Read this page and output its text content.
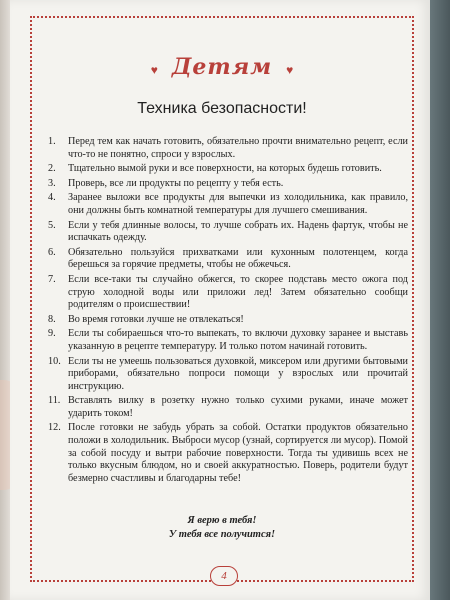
♥ Детям ♥
Техника безопасности!
1.	Перед тем как начать готовить, обязательно прочти внимательно рецепт, если что-то не понятно, спроси у взрослых.
2.	Тщательно вымой руки и все поверхности, на которых будешь готовить.
3.	Проверь, все ли продукты по рецепту у тебя есть.
4.	Заранее выложи все продукты для выпечки из холодильника, как правило, они должны быть комнатной температуры для лучшего смешивания.
5.	Если у тебя длинные волосы, то лучше собрать их. Надень фартук, чтобы не испачкать одежду.
6.	Обязательно пользуйся прихватками или кухонным полотенцем, когда берешься за горячие предметы, чтобы не обжечься.
7.	Если все-таки ты случайно обжегся, то скорее подставь место ожога под струю холодной воды или приложи лед! Затем обязательно сообщи родителям о происшествии!
8.	Во время готовки лучше не отвлекаться!
9.	Если ты собираешься что-то выпекать, то включи духовку заранее и выставь указанную в рецепте температуру. И только потом начинай готовить.
10. Если ты не умеешь пользоваться духовкой, миксером или другими бытовыми приборами, обязательно попроси помощи у взрослых или прочитай инструкцию.
11. Вставлять вилку в розетку нужно только сухими руками, иначе может ударить током!
12. После готовки не забудь убрать за собой. Остатки продуктов обязательно положи в холодильник. Выброси мусор (узнай, сортируется ли мусор). Помой за собой посуду и вытри рабочие поверхности. Тогда ты удивишь всех не только вкусным блюдом, но и своей аккуратностью. Поверь, родители будут безмерно счастливы и благодарны тебе!
Я верю в тебя!
У тебя все получится!
4
